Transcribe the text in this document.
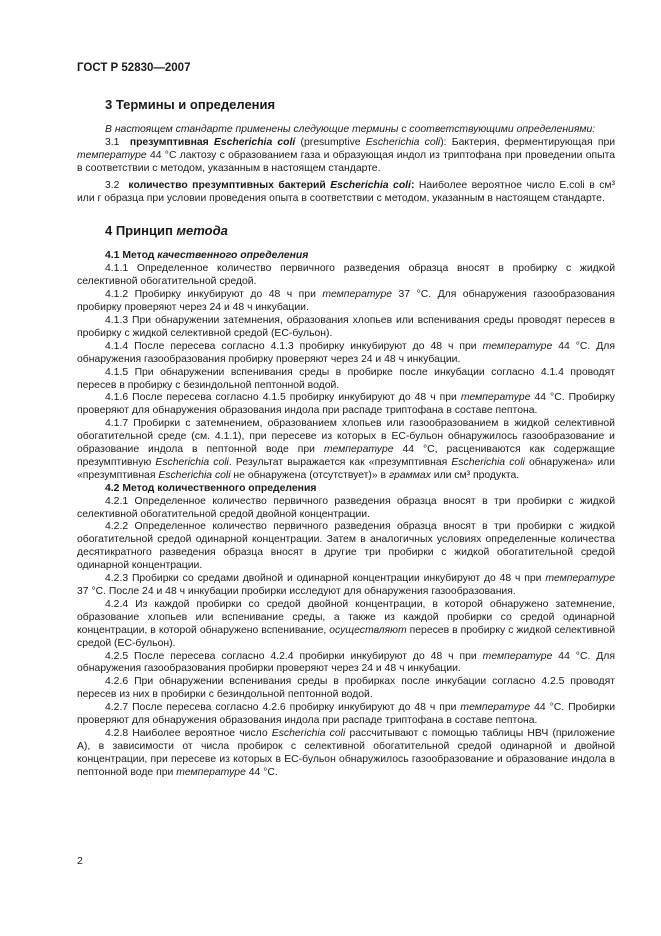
ГОСТ Р 52830—2007
3 Термины и определения

В настоящем стандарте применены следующие термины с соответствующими определениями:

3.1 презумптивная Escherichia coli (presumptive Escherichia coli): Бактерия, ферментирующая при температуре 44 °С лактозу с образованием газа и образующая индол из триптофана при проведении опыта в соответствии с методом, указанным в настоящем стандарте.

3.2 количество презумптивных бактерий Escherichia coli: Наиболее вероятное число E.coli в см³ или г образца при условии проведения опыта в соответствии с методом, указанным в настоящем стандарте.

4 Принцип метода

4.1 Метод качественного определения

4.1.1 Определенное количество первичного разведения образца вносят в пробирку с жидкой селективной обогатительной средой.

4.1.2 Пробирку инкубируют до 48 ч при температуре 37 °С. Для обнаружения газообразования пробирку проверяют через 24 и 48 ч инкубации.

4.1.3 При обнаружении затемнения, образования хлопьев или вспенивания среды проводят пересев в пробирку с жидкой селективной средой (ЕС-бульон).

4.1.4 После пересева согласно 4.1.3 пробирку инкубируют до 48 ч при температуре 44 °С. Для обнаружения газообразования пробирку проверяют через 24 и 48 ч инкубации.

4.1.5 При обнаружении вспенивания среды в пробирке после инкубации согласно 4.1.4 проводят пересев в пробирку с безиндольной пептонной водой.

4.1.6 После пересева согласно 4.1.5 пробирку инкубируют до 48 ч при температуре 44 °С. Пробирку проверяют для обнаружения образования индола при распаде триптофана в составе пептона.

4.1.7 Пробирки с затемнением, образованием хлопьев или газообразованием в жидкой селективной обогатительной среде (см. 4.1.1), при пересеве из которых в ЕС-бульон обнаружилось газообразование и образование индола в пептонной воде при температуре 44 °С, расцениваются как содержащие презумптивную Escherichia coli. Результат выражается как «презумптивная Escherichia coli обнаружена» или «презумптивная Escherichia coli не обнаружена (отсутствует)» в граммах или см³ продукта.

4.2 Метод количественного определения

4.2.1 Определенное количество первичного разведения образца вносят в три пробирки с жидкой селективной обогатительной средой двойной концентрации.

4.2.2 Определенное количество первичного разведения образца вносят в три пробирки с жидкой обогатительной средой одинарной концентрации. Затем в аналогичных условиях определенные количества десятикратного разведения образца вносят в другие три пробирки с жидкой обогатительной средой одинарной концентрации.

4.2.3 Пробирки со средами двойной и одинарной концентрации инкубируют до 48 ч при температуре 37 °С. После 24 и 48 ч инкубации пробирки исследуют для обнаружения газообразования.

4.2.4 Из каждой пробирки со средой двойной концентрации, в которой обнаружено затемнение, образование хлопьев или вспенивание среды, а также из каждой пробирки со средой одинарной концентрации, в которой обнаружено вспенивание, осуществляют пересев в пробирку с жидкой селективной средой (ЕС-бульон).

4.2.5 После пересева согласно 4.2.4 пробирки инкубируют до 48 ч при температуре 44 °С. Для обнаружения газообразования пробирки проверяют через 24 и 48 ч инкубации.

4.2.6 При обнаружении вспенивания среды в пробирках после инкубации согласно 4.2.5 проводят пересев из них в пробирки с безиндольной пептонной водой.

4.2.7 После пересева согласно 4.2.6 пробирку инкубируют до 48 ч при температуре 44 °С. Пробирки проверяют для обнаружения образования индола при распаде триптофана в составе пептона.

4.2.8 Наиболее вероятное число Escherichia coli рассчитывают с помощью таблицы НВЧ (приложение А), в зависимости от числа пробирок с селективной обогатительной средой одинарной и двойной концентрации, при пересеве из которых в ЕС-бульон обнаружилось газообразование и образование индола в пептонной воде при температуре 44 °С.

2
